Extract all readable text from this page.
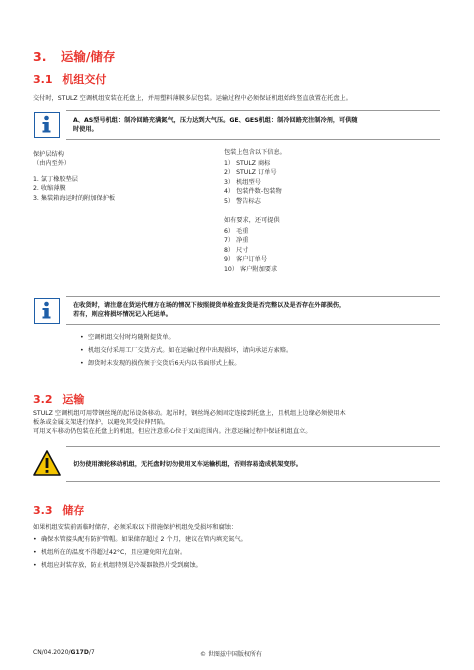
3. 运输/储存
3.1 机组交付
交付时，STULZ 空调机组安装在托盘上，并用塑料薄膜多层包装。运输过程中必须保证机组始终竖直放置在托盘上。
A、AS型号机组：制冷回路充满氮气，压力达到大气压。GE、GES机组：制冷回路充注制冷剂，可供随
时使用。
保护层结构
（由内至外）
1. 氯丁橡胶垫层
2. 收缩薄膜
3. 集装箱海运时的附加保护板
包装上包含以下信息。
1） STULZ 商标
2） STULZ 订单号
3） 机组型号
4） 包装件数-包装物
5） 警告标志
如有要求，还可提供
6） 毛重
7） 净重
8） 尺寸
9） 客户订单号
10） 客户附加要求
在收货时，请注意在货运代理方在场的情况下按照提货单检查发货是否完整以及是否存在外部损伤，
若有，则应将损坏情况记入托运单。
• 空调机组交付时均随附提货单。
• 机组交付采用工厂交货方式。如在运输过程中出现损坏，请向承运方索赔。
• 卸货时未发现的损伤须于交货后6天内以书面形式上报。
3.2 运输
STULZ 空调机组可用带钢丝绳的起吊设备移动。起吊时，钢丝绳必须固定连接到托盘上，且机组上边缘必须使用木
板条或金属支架进行保护，以避免其受拉伸凹陷。
可用叉车移动仍包装在托盘上的机组，但应注意重心位于叉面范围内。注意运输过程中保证机组直立。
切勿使用滚轮移动机组，无托盘时切勿使用叉车运输机组，否则容易造成机架变形。
3.3 储存
如果机组安装前需临时储存，必须采取以下措施保护机组免受损坏和腐蚀：
• 确保水管接头配有防护管帽。如果储存超过 2 个月，建议在管内填充氮气。
• 机组所在的温度不得超过42°C，且应避免阳光直射。
• 机组应封装存放，防止机组特别是冷凝器散热片受到腐蚀。
CN/04.2020/G17D/7	© 世图兹中国版权所有
